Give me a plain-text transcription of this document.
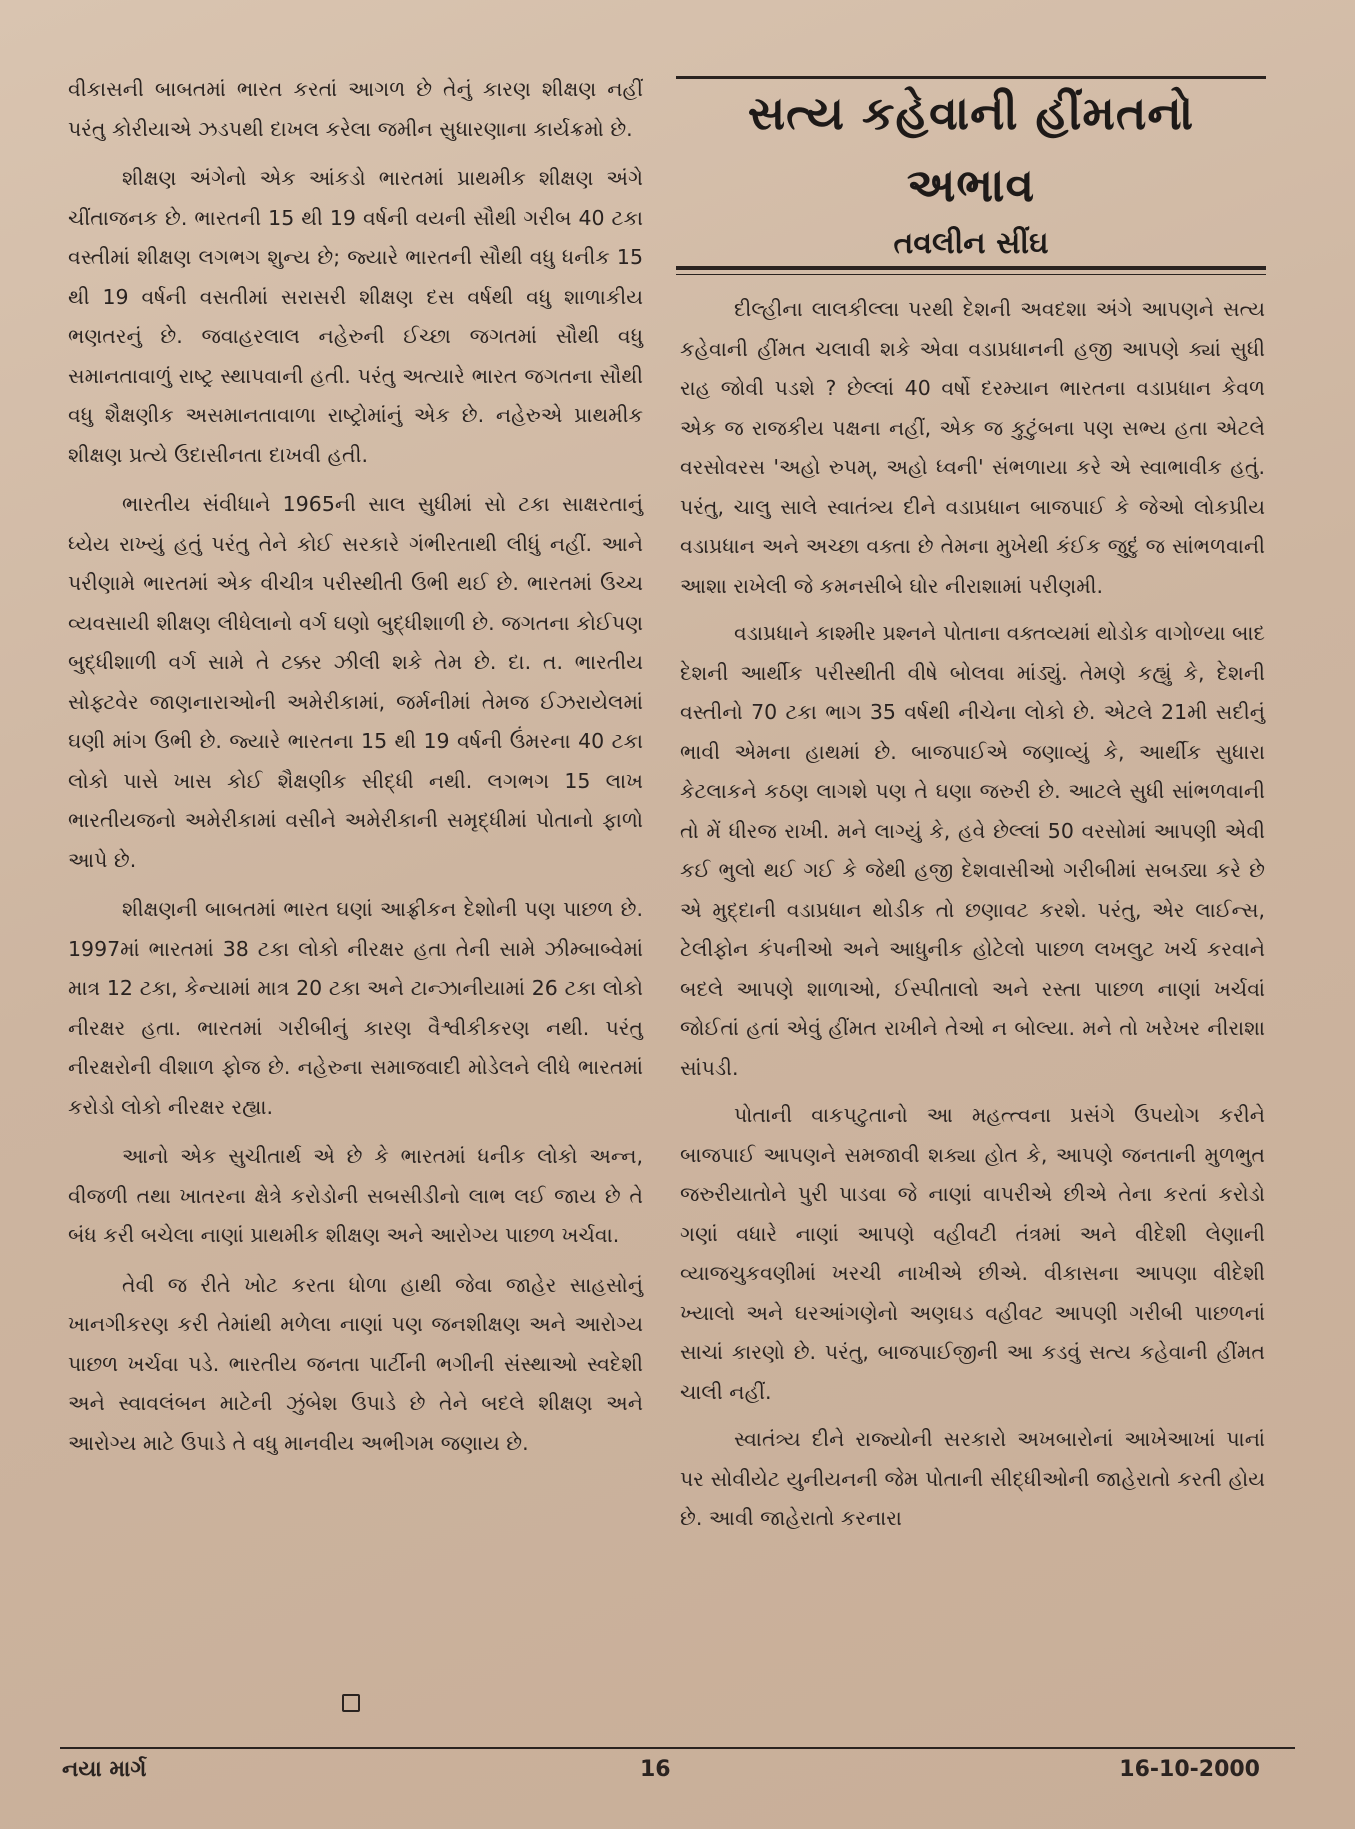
વીકાસની બાબતમાં ભારત કરતાં આગળ છે તેનું કારણ શીક્ષણ નહીં પરંતુ કોરીયાએ ઝડપથી દાખલ કરેલા જમીન સુધારણાના કાર્યક્રમો છે.

શીક્ષણ અંગેનો એક આંકડો ભારતમાં પ્રાથમીક શીક્ષણ અંગે ચીંતાજનક છે. ભારતની 15 થી 19 વર્ષની વયની સૌથી ગરીબ 40 ટકા વસ્તીમાં શીક્ષણ લગભગ શુન્ય છે; જ્યારે ભારતની સૌથી વધુ ધનીક 15 થી 19 વર્ષની વસતીમાં સરાસરી શીક્ષણ દસ વર્ષથી વધુ શાળાકીય ભણતરનું છે. જવાહરલાલ નહેરુની ઈચ્છા જગતમાં સૌથી વધુ સમાનતાવાળું રાષ્ટ્ર સ્થાપવાની હતી. પરંતુ અત્યારે ભારત જગતના સૌથી વધુ શૈક્ષણીક અસમાનતાવાળા રાષ્ટ્રોમાંનું એક છે. નહેરુએ પ્રાથમીક શીક્ષણ પ્રત્યે ઉદાસીનતા દાખવી હતી.

ભારતીય સંવીધાને 1965ની સાલ સુધીમાં સો ટકા સાક્ષરતાનું ધ્યેય રાખ્યું હતું પરંતુ તેને કોઈ સરકારે ગંભીરતાથી લીધું નહીં. આને પરીણામે ભારતમાં એક વીચીત્ર પરીસ્થીતી ઉભી થઈ છે. ભારતમાં ઉચ્ચ વ્યવસાયી શીક્ષણ લીધેલાનો વર્ગ ઘણો બુદ્ધીશાળી છે. જગતના કોઈપણ બુદ્ધીશાળી વર્ગ સામે તે ટક્કર ઝીલી શકે તેમ છે. દા. ત. ભારતીય સોફ્ટવેર જાણનારાઓની અમેરીકામાં, જર્મનીમાં તેમજ ઈઝરાયેલમાં ઘણી માંગ ઉભી છે. જ્યારે ભારતના 15 થી 19 વર્ષની ઉંમરના 40 ટકા લોકો પાસે ખાસ કોઈ શૈક્ષણીક સીદ્ધી નથી. લગભગ 15 લાખ ભારતીયજનો અમેરીકામાં વસીને અમેરીકાની સમૃદ્ધીમાં પોતાનો ફાળો આપે છે.

શીક્ષણની બાબતમાં ભારત ઘણાં આફ્રીકન દેશોની પણ પાછળ છે. 1997માં ભારતમાં 38 ટકા લોકો નીરક્ષર હતા તેની સામે ઝીમ્બાબ્વેમાં માત્ર 12 ટકા, કેન્યામાં માત્ર 20 ટકા અને ટાન્ઝાનીયામાં 26 ટકા લોકો નીરક્ષર હતા. ભારતમાં ગરીબીનું કારણ વૈશ્વીકીકરણ નથી. પરંતુ નીરક્ષરોની વીશાળ ફોજ છે. નહેરુના સમાજવાદી મોડેલને લીધે ભારતમાં કરોડો લોકો નીરક્ષર રહ્યા.

આનો એક સુચીતાર્થ એ છે કે ભારતમાં ધનીક લોકો અન્ન, વીજળી તથા ખાતરના ક્ષેત્રે કરોડોની સબસીડીનો લાભ લઈ જાય છે તે બંધ કરી બચેલા નાણાં પ્રાથમીક શીક્ષણ અને આરોગ્ય પાછળ ખર્ચવા.

તેવી જ રીતે ખોટ કરતા ધોળા હાથી જેવા જાહેર સાહસોનું ખાનગીકરણ કરી તેમાંથી મળેલા નાણાં પણ જનશીક્ષણ અને આરોગ્ય પાછળ ખર્ચવા પડે. ભારતીય જનતા પાર્ટીની ભગીની સંસ્થાઓ સ્વદેશી અને સ્વાવલંબન માટેની ઝુંબેશ ઉપાડે છે તેને બદલે શીક્ષણ અને આરોગ્ય માટે ઉપાડે તે વધુ માનવીય અભીગમ જણાય છે.

સત્ય કહેવાની હીંમતનો
અભાવ
તવલીન સીંઘ

દીલ્હીના લાલકીલ્લા પરથી દેશની અવદશા અંગે આપણને સત્ય કહેવાની હીંમત ચલાવી શકે એવા વડાપ્રધાનની હજી આપણે ક્યાં સુધી રાહ જોવી પડશે ? છેલ્લાં 40 વર્ષો દરમ્યાન ભારતના વડાપ્રધાન કેવળ એક જ રાજકીય પક્ષના નહીં, એક જ કુટુંબના પણ સભ્ય હતા એટલે વરસોવરસ 'અહો રુપમ્, અહો ધ્વની' સંભળાયા કરે એ સ્વાભાવીક હતું. પરંતુ, ચાલુ સાલે સ્વાતંત્ર્ય દીને વડાપ્રધાન બાજપાઈ કે જેઓ લોકપ્રીય વડાપ્રધાન અને અચ્છા વક્તા છે તેમના મુખેથી કંઈક જુદું જ સાંભળવાની આશા રાખેલી જે કમનસીબે ઘોર નીરાશામાં પરીણમી.

વડાપ્રધાને કાશ્મીર પ્રશ્નને પોતાના વક્તવ્યમાં થોડોક વાગોળ્યા બાદ દેશની આર્થીક પરીસ્થીતી વીષે બોલવા માંડ્યું. તેમણે કહ્યું કે, દેશની વસ્તીનો 70 ટકા ભાગ 35 વર્ષથી નીચેના લોકો છે. એટલે 21મી સદીનું ભાવી એમના હાથમાં છે. બાજપાઈએ જણાવ્યું કે, આર્થીક સુધારા કેટલાકને કઠણ લાગશે પણ તે ઘણા જરુરી છે. આટલે સુધી સાંભળવાની તો મેં ધીરજ રાખી. મને લાગ્યું કે, હવે છેલ્લાં 50 વરસોમાં આપણી એવી કઈ ભુલો થઈ ગઈ કે જેથી હજી દેશવાસીઓ ગરીબીમાં સબડ્યા કરે છે એ મુદ્દાની વડાપ્રધાન થોડીક તો છણાવટ કરશે. પરંતુ, એર લાઈન્સ, ટેલીફોન કંપનીઓ અને આધુનીક હોટેલો પાછળ લખલુટ ખર્ચ કરવાને બદલે આપણે શાળાઓ, ઈસ્પીતાલો અને રસ્તા પાછળ નાણાં ખર્ચવાં જોઈતાં હતાં એવું હીંમત રાખીને તેઓ ન બોલ્યા. મને તો ખરેખર નીરાશા સાંપડી.

પોતાની વાકપટુતાનો આ મહત્ત્વના પ્રસંગે ઉપયોગ કરીને બાજપાઈ આપણને સમજાવી શક્યા હોત કે, આપણે જનતાની મુળભુત જરુરીયાતોને પુરી પાડવા જે નાણાં વાપરીએ છીએ તેના કરતાં કરોડો ગણાં વધારે નાણાં આપણે વહીવટી તંત્રમાં અને વીદેશી લેણાની વ્યાજચુકવણીમાં ખરચી નાખીએ છીએ. વીકાસના આપણા વીદેશી ખ્યાલો અને ઘરઆંગણેનો અણઘડ વહીવટ આપણી ગરીબી પાછળનાં સાચાં કારણો છે. પરંતુ, બાજપાઈજીની આ કડવું સત્ય કહેવાની હીંમત ચાલી નહીં.

સ્વાતંત્ર્ય દીને રાજ્યોની સરકારો અખબારોનાં આખેઆખાં પાનાં પર સોવીયેટ યુનીયનની જેમ પોતાની સીદ્ધીઓની જાહેરાતો કરતી હોય છે. આવી જાહેરાતો કરનારા

નયા માર્ગ	16	16-10-2000
